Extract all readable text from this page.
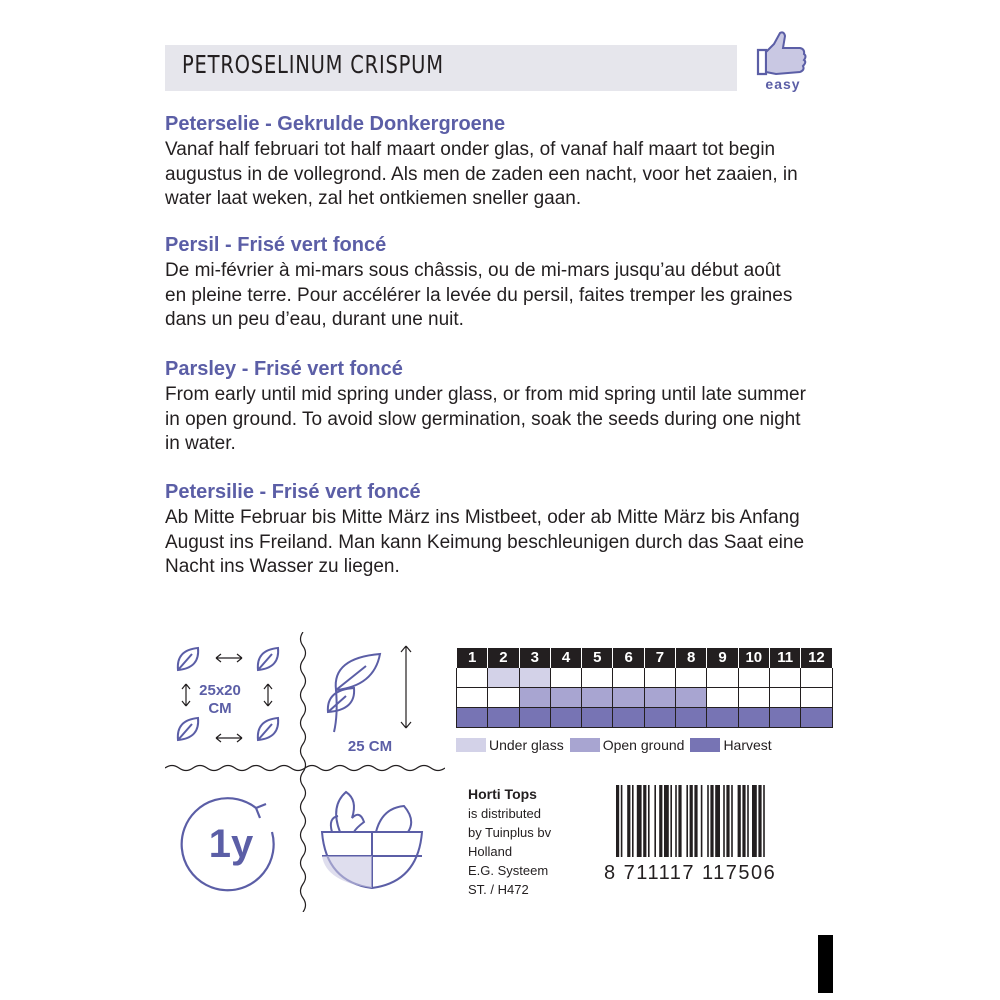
PETROSELINUM CRISPUM
easy
Peterselie - Gekrulde Donkergroene

Vanaf half februari tot half maart onder glas, of vanaf half maart tot begin
augustus in de vollegrond. Als men de zaden een nacht, voor het zaaien, in
water laat weken, zal het ontkiemen sneller gaan.

Persil - Frisé vert foncé

De mi-février à mi-mars sous châssis, ou de mi-mars jusqu’au début août
en pleine terre. Pour accélérer la levée du persil, faites tremper les graines
dans un peu d’eau, durant une nuit.

Parsley - Frisé vert foncé

From early until mid spring under glass, or from mid spring until late summer
in open ground. To avoid slow germination, soak the seeds during one night
in water.

Petersilie - Frisé vert foncé

Ab Mitte Februar bis Mitte März ins Mistbeet, oder ab Mitte März bis Anfang
August ins Freiland. Man kann Keimung beschleunigen durch das Saat eine
Nacht ins Wasser zu liegen.

25x20
CM
25 CM
1y
1	2	3	4	5	6	7	8	9	10	11	12

Under glass	Open ground	Harvest
Horti Tops
is distributed
by Tuinplus bv
Holland
E.G. Systeem
ST. / H472
8 711117 117506
